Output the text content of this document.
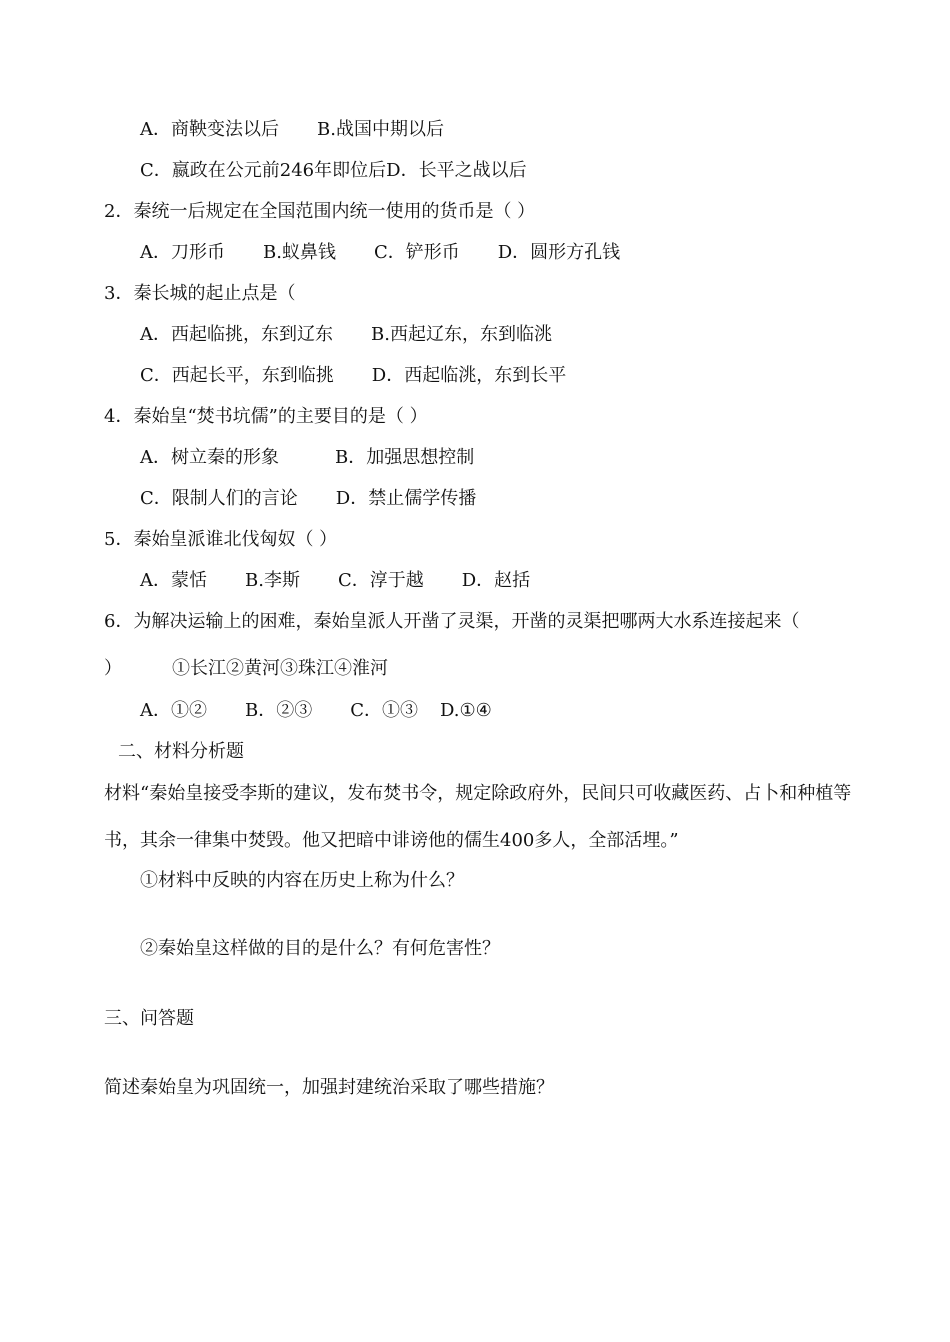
A．商鞅变法以后 B.战国中期以后
C．嬴政在公元前246年即位后D．长平之战以后
2．秦统一后规定在全国范围内统一使用的货币是（ ）
A．刀形币 B.蚁鼻钱 C．铲形币 D．圆形方孔钱
3．秦长城的起止点是（
A．西起临挑，东到辽东 B.西起辽东，东到临洮
C．西起长平，东到临挑 D．西起临洮，东到长平
4．秦始皇“焚书坑儒”的主要目的是（ ）
A．树立秦的形象	B．加强思想控制
C．限制人们的言论 D．禁止儒学传播
5．秦始皇派谁北伐匈奴（ ）
A．蒙恬 B.李斯 C．淳于越 D．赵括
6．为解决运输上的困难，秦始皇派人开凿了灵渠，开凿的灵渠把哪两大水系连接起来（
）	①长江②黄河③珠江④淮河
A．①② B．②③ C．①③ D.①④
二、材料分析题
材料“秦始皇接受李斯的建议，发布焚书令，规定除政府外，民间只可收藏医药、占卜和种植等书，其余一律集中焚毁。他又把暗中诽谤他的儒生400多人，全部活埋。”
①材料中反映的内容在历史上称为什么？
②秦始皇这样做的目的是什么？有何危害性？
三、问答题
简述秦始皇为巩固统一，加强封建统治采取了哪些措施？
